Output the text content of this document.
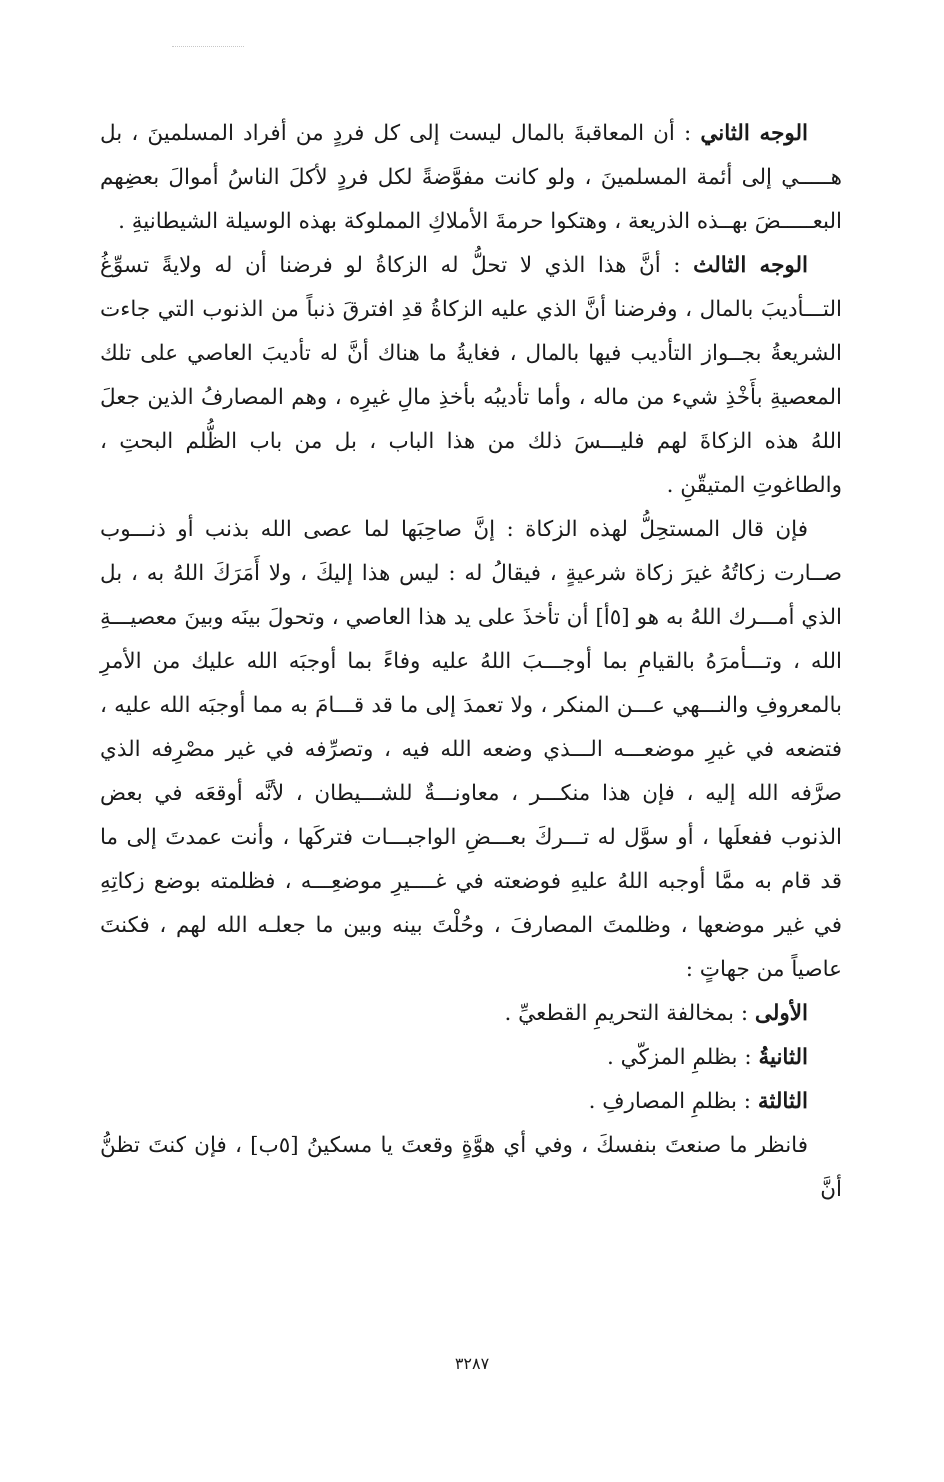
الوجه الثاني : أن المعاقبةَ بالمال ليست إلى كل فردٍ من أفراد المسلمينَ ، بل هـــــي إلى أئمة المسلمينَ ، ولو كانت مفوَّضةً لكل فردٍ لأكلَ الناسُ أموالَ بعضِهم البعـــــضَ بهــذه الذريعة ، وهتكوا حرمةَ الأملاكِ المملوكة بهذه الوسيلة الشيطانيةِ .

الوجه الثالث : أنَّ هذا الذي لا تحلُّ له الزكاةُ لو فرضنا أن له ولايةً تسوِّغُ التـــأديبَ بالمال ، وفرضنا أنَّ الذي عليه الزكاةُ قدِ افترقَ ذنباً من الذنوب التي جاءت الشريعةُ بجــواز التأديب فيها بالمال ، فغايةُ ما هناك أنَّ له تأديبَ العاصي على تلك المعصيةِ بأَخْذِ شيء من ماله ، وأما تأديبُه بأخذِ مالِ غيرِه ، وهم المصارفُ الذين جعلَ اللهُ هذه الزكاةَ لهم فليـــسَ ذلك من هذا الباب ، بل من باب الظُّلم البحتِ ، والطاغوتِ المتيقّنِ .

فإن قال المستحِلُّ لهذه الزكاة : إنَّ صاحِبَها لما عصى الله بذنب أو ذنـــوب صــارت زكاتُهُ غيرَ زكاة شرعيةٍ ، فيقالُ له : ليس هذا إليكَ ، ولا أَمَرَكَ اللهُ به ، بل الذي أمـــرك اللهُ به هو [٥أ] أن تأخذَ على يد هذا العاصي ، وتحولَ بينَه وبينَ معصيـــةِ الله ، وتـــأمرَهُ بالقيامِ بما أوجـــبَ اللهُ عليه وفاءً بما أوجبَه الله عليك من الأمرِ بالمعروفِ والنـــهي عـــن المنكر ، ولا تعمدَ إلى ما قد قـــامَ به مما أوجبَه الله عليه ، فتضعه في غيرِ موضعـــه الـــذي وضعه الله فيه ، وتصرِّفه في غير مصْرِفه الذي صرَّفه الله إليه ، فإن هذا منكـــر ، معاونـــةٌ للشـــيطان ، لأنَّه أوقعَه في بعض الذنوب ففعلَها ، أو سوَّل له تـــركَ بعـــضِ الواجبـــات فتركَها ، وأنت عمدتَ إلى ما قد قام به ممَّا أوجبه اللهُ عليهِ فوضعته في غــــيرِ موضعِـــه ، فظلمته بوضع زكاتِهِ في غير موضعها ، وظلمتَ المصارفَ ، وحُلْتَ بينه وبين ما جعلـه الله لهم ، فكنتَ عاصياً من جهاتٍ :

الأولى : بمخالفة التحريمِ القطعيِّ .

الثانيةُ : بظلمِ المزكّي .

الثالثة : بظلمِ المصارفِ .

فانظر ما صنعتَ بنفسكَ ، وفي أي هوَّةٍ وقعتَ يا مسكينُ [٥ب] ، فإن كنتَ تظنُّ أنَّ

٣٢٨٧
